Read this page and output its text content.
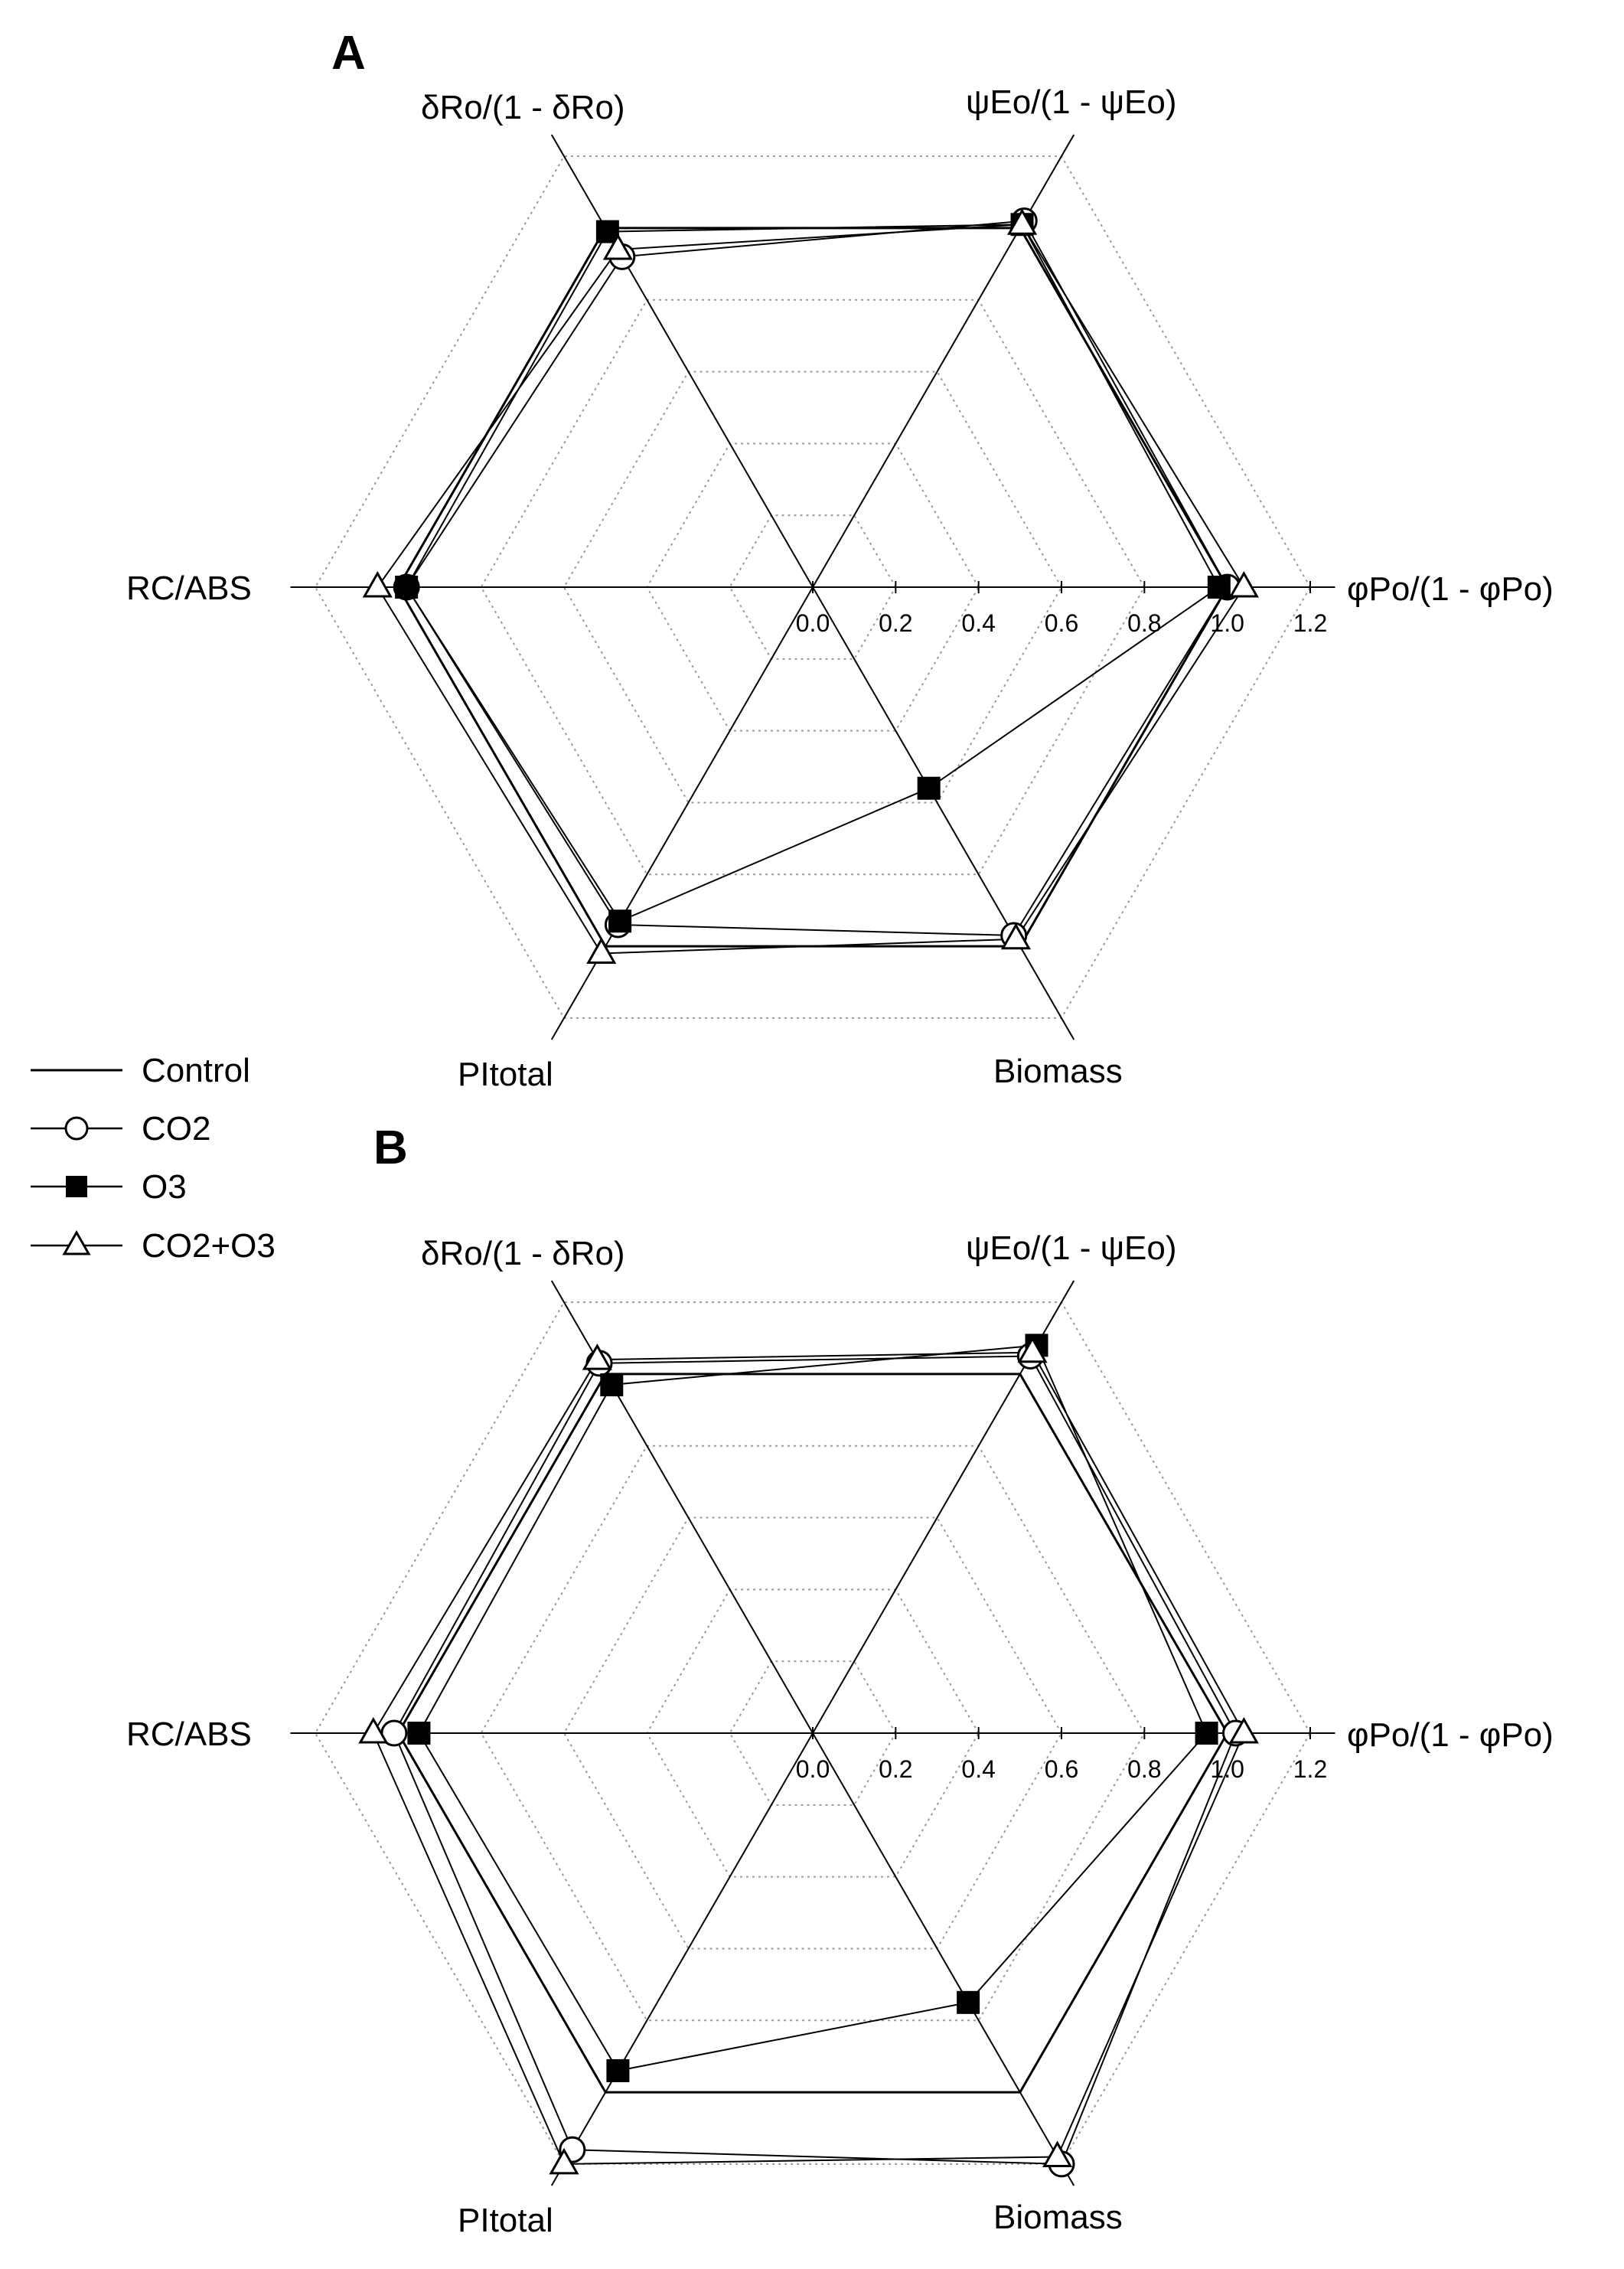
A
0.0 0.2 0.4 0.6 0.8 1.0 1.2
φPo/(1 - φPo)
ψEo/(1 - ψEo)
δRo/(1 - δRo)
RC/ABS
PItotal	Biomass
B
0.0 0.2 0.4 0.6 0.8 1.0 1.2
φPo/(1 - φPo)
ψEo/(1 - ψEo)
δRo/(1 - δRo)
RC/ABS
PItotal	Biomass
Control
CO2
O3
CO2+O3
